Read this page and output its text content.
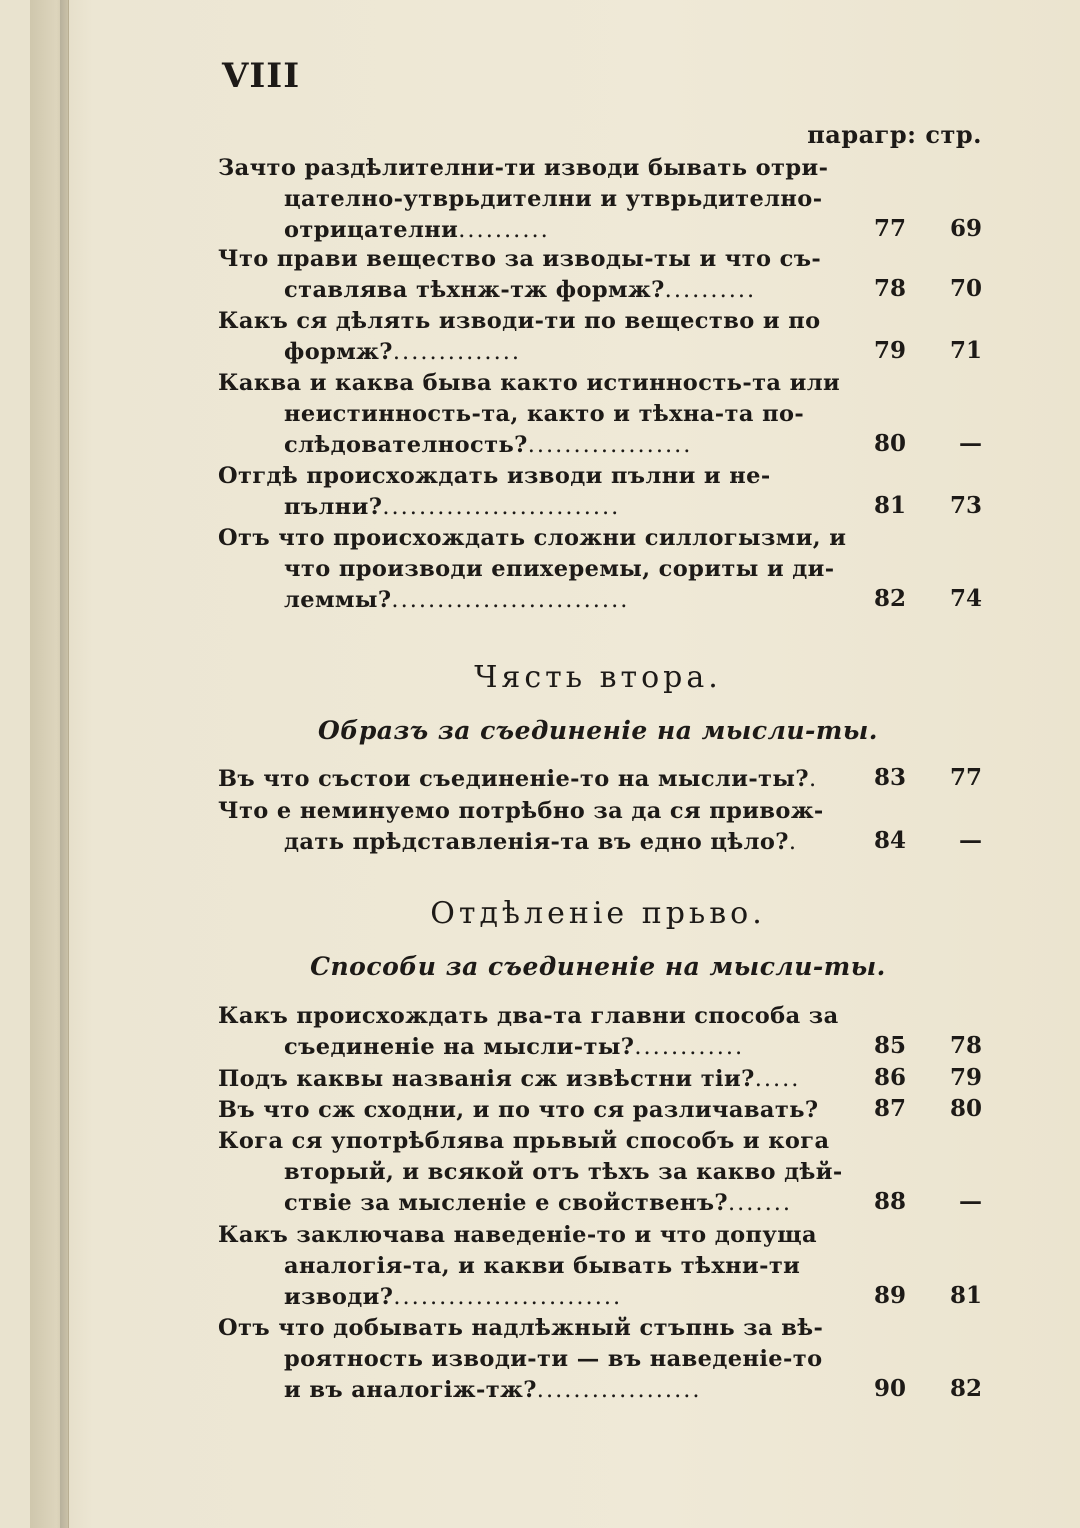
VIII
парагр: стр.
Зачто раздѣлителни-ти изводи бывать отри-
цателно-утврьдителни и утврьдително-
отрицателни..........	77	69
Что прави вещество за изводы-ты и что съ-
ставлява тѣхнж-тж формж?..........	78	70
Какъ ся дѣлять изводи-ти по вещество и по
формж?..............	79	71
Каква и каква быва както истинность-та или
неистинность-та, както и тѣхна-та по-
слѣдователность?..................	80	—
Отгдѣ происхождать изводи пълни и не-
пълни?..........................	81	73
Отъ что происхождать сложни силлогызми, и
что производи епихеремы, сориты и ди-
леммы?..........................	82	74
Чясть втора.
Образъ за съединеніе на мысли-ты.
Въ что състои съединеніе-то на мысли-ты?.	83	77
Что е неминуемо потрѣбно за да ся привож-
дать прѣдставленія-та въ едно цѣло?.	84	—
Отдѣленіе прьво.
Способи за съединеніе на мысли-ты.
Какъ происхождать два-та главни способа за
съединеніе на мысли-ты?............	85	78
Подъ каквы названія сж извѣстни тіи?.....	86	79
Въ что сж сходни, и по что ся различавать?	87	80
Кога ся употрѣблява прьвый способъ и кога
вторый, и всякой отъ тѣхъ за какво дѣй-
ствіе за мысленіе е свойственъ?.......	88	—
Какъ заключава наведеніе-то и что допуща
аналогія-та, и какви бывать тѣхни-ти
изводи?.........................	89	81
Отъ что добывать надлѣжный стъпнь за вѣ-
роятность изводи-ти — въ наведеніе-то
и въ аналогіж-тж?..................	90	82
